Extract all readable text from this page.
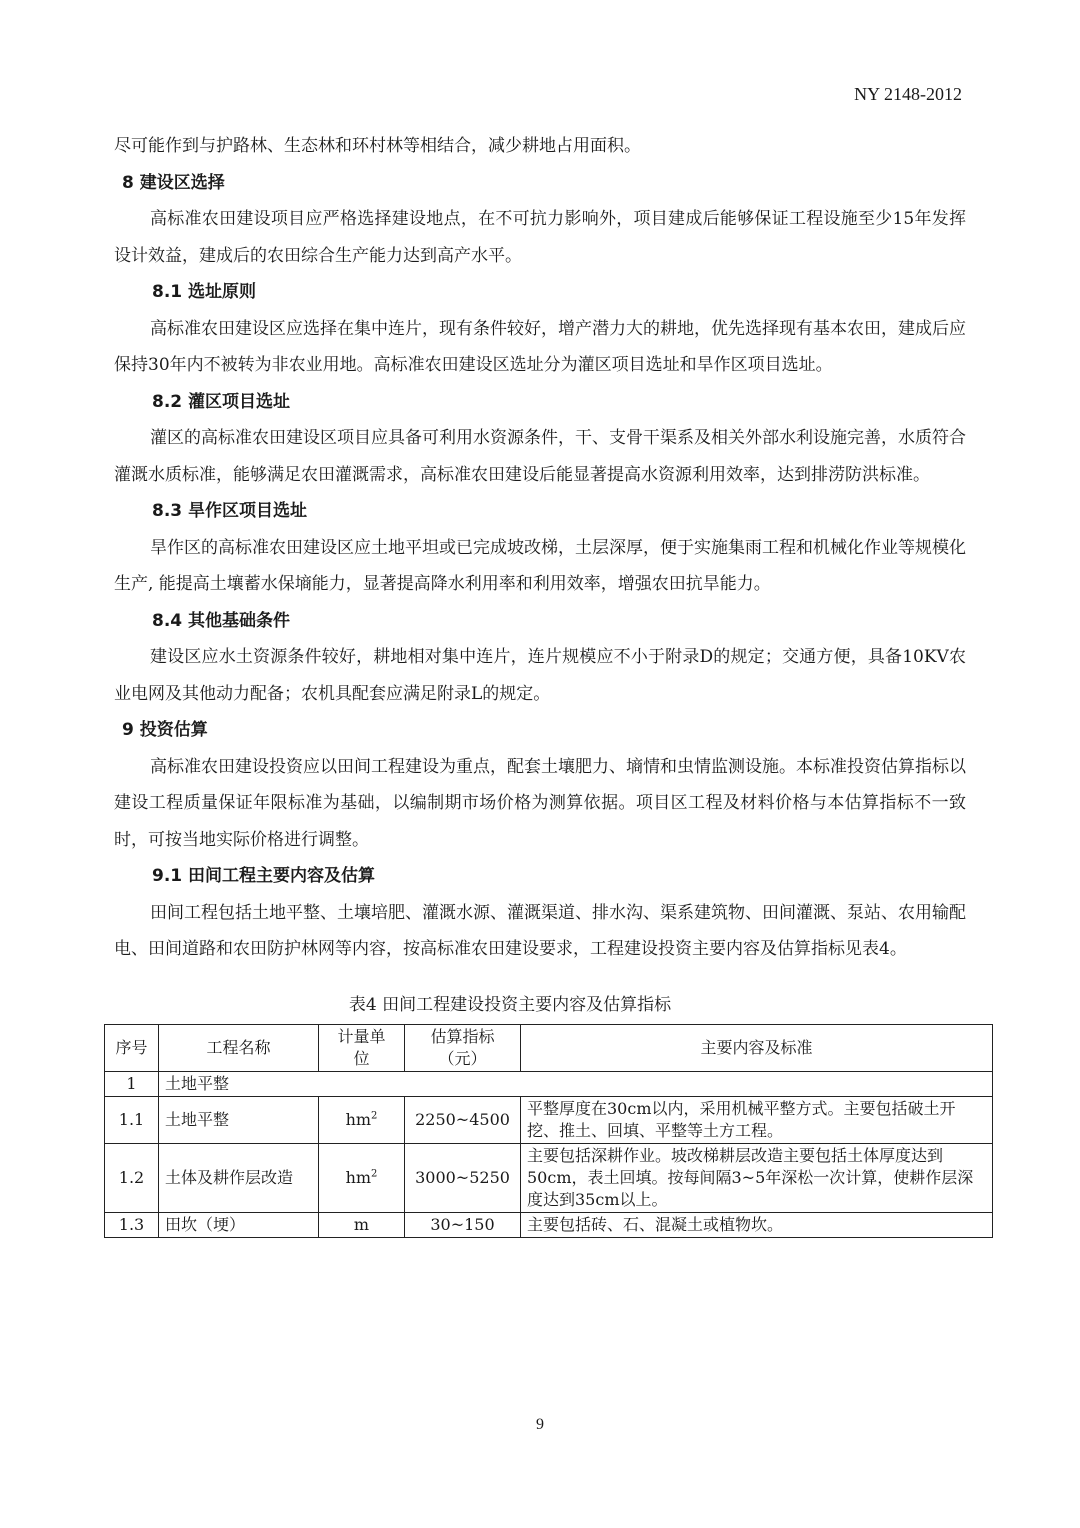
NY 2148-2012

尽可能作到与护路林、生态林和环村林等相结合，减少耕地占用面积。

8 建设区选择

高标准农田建设项目应严格选择建设地点，在不可抗力影响外，项目建成后能够保证工程设施至少15年发挥设计效益，建成后的农田综合生产能力达到高产水平。

8.1 选址原则

高标准农田建设区应选择在集中连片，现有条件较好，增产潜力大的耕地，优先选择现有基本农田，建成后应保持30年内不被转为非农业用地。高标准农田建设区选址分为灌区项目选址和旱作区项目选址。

8.2 灌区项目选址

灌区的高标准农田建设区项目应具备可利用水资源条件，干、支骨干渠系及相关外部水利设施完善，水质符合灌溉水质标准，能够满足农田灌溉需求，高标准农田建设后能显著提高水资源利用效率，达到排涝防洪标准。

8.3 旱作区项目选址

旱作区的高标准农田建设区应土地平坦或已完成坡改梯，土层深厚，便于实施集雨工程和机械化作业等规模化生产, 能提高土壤蓄水保墒能力，显著提高降水利用率和利用效率，增强农田抗旱能力。

8.4 其他基础条件

建设区应水土资源条件较好，耕地相对集中连片，连片规模应不小于附录D的规定；交通方便，具备10KV农业电网及其他动力配备；农机具配套应满足附录L的规定。

9 投资估算

高标准农田建设投资应以田间工程建设为重点，配套土壤肥力、墒情和虫情监测设施。本标准投资估算指标以建设工程质量保证年限标准为基础，以编制期市场价格为测算依据。项目区工程及材料价格与本估算指标不一致时，可按当地实际价格进行调整。

9.1 田间工程主要内容及估算

田间工程包括土地平整、土壤培肥、灌溉水源、灌溉渠道、排水沟、渠系建筑物、田间灌溉、泵站、农用输配电、田间道路和农田防护林网等内容，按高标准农田建设要求，工程建设投资主要内容及估算指标见表4。

表4 田间工程建设投资主要内容及估算指标
序号	工程名称	计量单位	估算指标（元）	主要内容及标准
1	土地平整			
1.1	土地平整	$hm^2$	2250~4500	平整厚度在30cm以内，采用机械平整方式。主要包括破土开挖、推土、回填、平整等土方工程。
1.2	土体及耕作层改造	$hm^2$	3000~5250	主要包括深耕作业。坡改梯耕层改造主要包括土体厚度达到50cm，表土回填。按每间隔3~5年深松一次计算，使耕作层深度达到35cm以上。
1.3	田坎（埂）	m	30~150	主要包括砖、石、混凝土或植物坎。
9
